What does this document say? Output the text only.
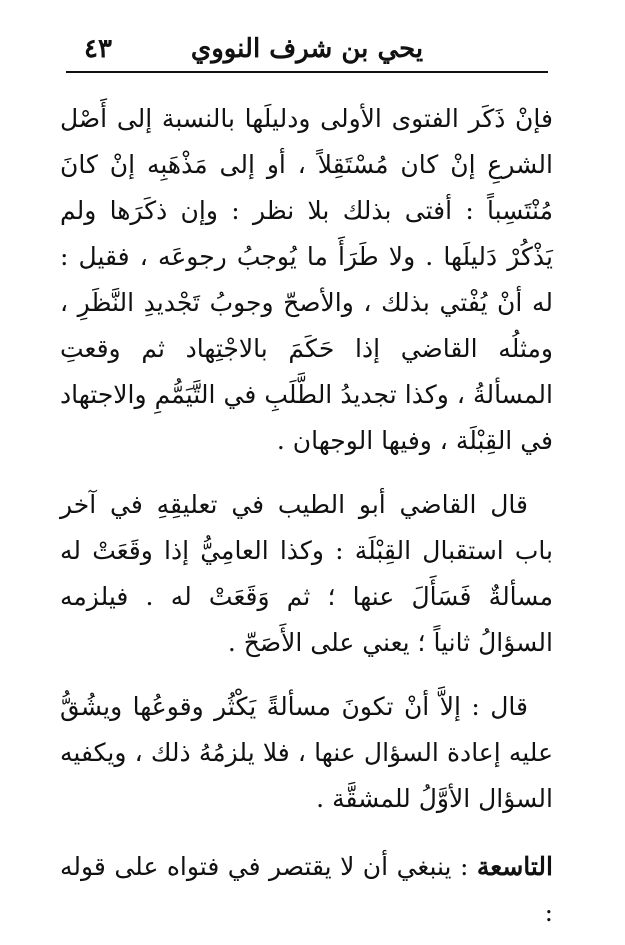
يحي بن شرف النووي
٤٣

فإنْ ذَكَر الفتوى الأولى ودليلَها بالنسبة إلى أَصْل الشرعِ إنْ كان مُسْتَقِلاً ، أو إلى مَذْهَبِه إنْ كانَ مُنْتَسِباً : أفتى بذلك بلا نظر : وإن ذكَرَها ولم يَذْكُرْ دَليلَها . ولا طَرَأَ ما يُوجبُ رجوعَه ، فقيل : له أنْ يُفْتي بذلك ، والأصحّ وجوبُ تَجْديدِ النَّظَرِ ، ومثلُه القاضي إذا حَكَمَ بالاجْتِهاد ثم وقعتِ المسألةُ ، وكذا تجديدُ الطَّلَبِ في التَّيَمُّمِ والاجتهاد في القِبْلَة ، وفيها الوجهان .

قال القاضي أبو الطيب في تعليقِهِ في آخر باب استقبال القِبْلَة : وكذا العامِيُّ إذا وقَعَتْ له مسألةٌ فَسَأَلَ عنها ؛ ثم وَقَعَتْ له . فيلزمه السؤالُ ثانياً ؛ يعني على الأَصَحّ .

قال : إلاَّ أنْ تكونَ مسألةً يَكْثُر وقوعُها ويشُقُّ عليه إعادة السؤال عنها ، فلا يلزمُهُ ذلك ، ويكفيه السؤال الأوَّلُ للمشقَّة .

التاسعة : ينبغي أن لا يقتصر في فتواه على قوله :
